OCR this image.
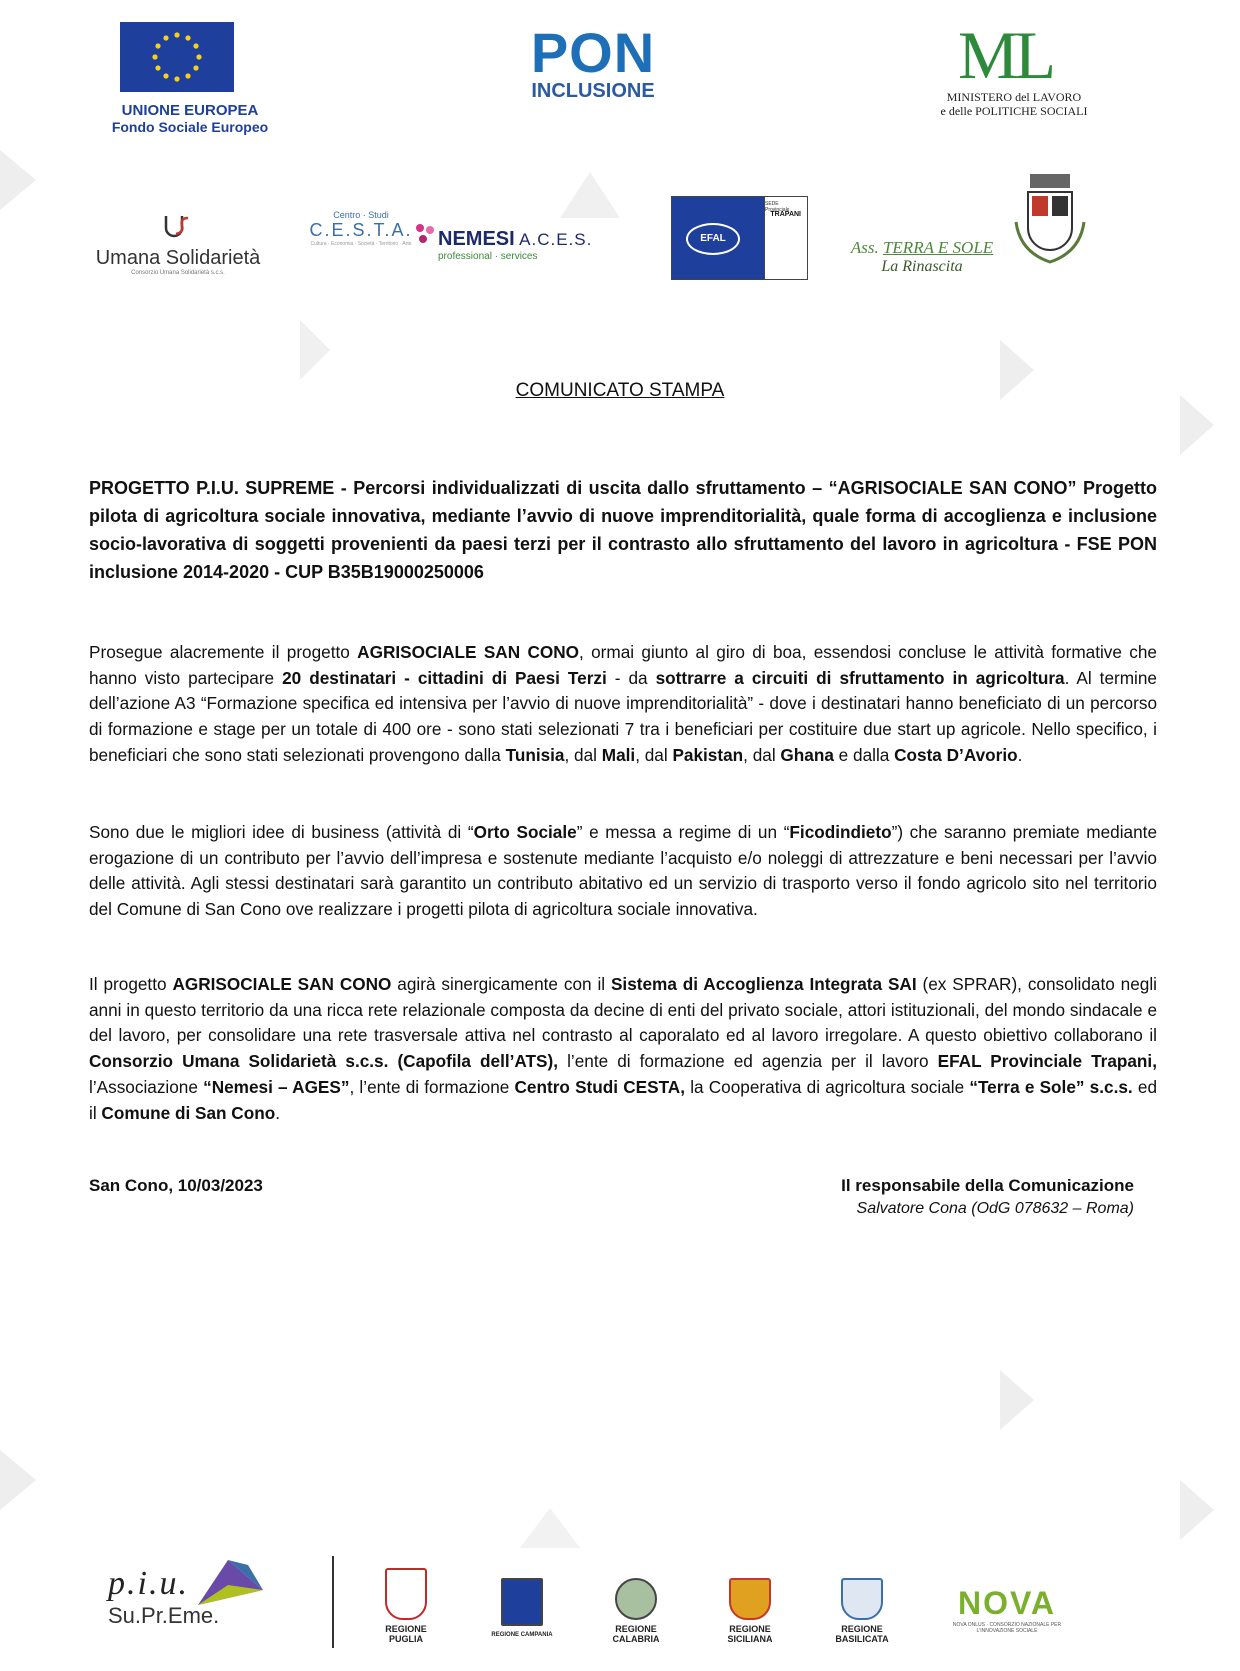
UNIONE EUROPEA
Fondo Sociale Europeo
PON
INCLUSIONE	ML
MINISTERO del LAVORO
e delle POLITICHE SOCIALI
Umana Solidarietà
Consorzio Umana Solidarietà s.c.s.
Centro · Studi
C.E.S.T.A.
Cultura · Economia · Società · Territorio · Arte NEMESI A.C.E.S.
professional · services
EFAL
SEDE Provinciale
TRAPANI
Ass. TERRA E SOLE
La Rinascita
COMUNICATO STAMPA
PROGETTO P.I.U. SUPREME - Percorsi individualizzati di uscita dallo sfruttamento – “AGRISOCIALE SAN CONO” Progetto pilota di agricoltura sociale innovativa, mediante l’avvio di nuove imprenditorialità, quale forma di accoglienza e inclusione socio-lavorativa di soggetti provenienti da paesi terzi per il contrasto allo sfruttamento del lavoro in agricoltura - FSE PON inclusione 2014-2020 - CUP B35B19000250006
Prosegue alacremente il progetto AGRISOCIALE SAN CONO, ormai giunto al giro di boa, essendosi concluse le attività formative che hanno visto partecipare 20 destinatari - cittadini di Paesi Terzi - da sottrarre a circuiti di sfruttamento in agricoltura. Al termine dell’azione A3 “Formazione specifica ed intensiva per l’avvio di nuove imprenditorialità” - dove i destinatari hanno beneficiato di un percorso di formazione e stage per un totale di 400 ore - sono stati selezionati 7 tra i beneficiari per costituire due start up agricole. Nello specifico, i beneficiari che sono stati selezionati provengono dalla Tunisia, dal Mali, dal Pakistan, dal Ghana e dalla Costa D’Avorio.
Sono due le migliori idee di business (attività di “Orto Sociale” e messa a regime di un “Ficodindieto”) che saranno premiate mediante erogazione di un contributo per l’avvio dell’impresa e sostenute mediante l’acquisto e/o noleggi di attrezzature e beni necessari per l’avvio delle attività. Agli stessi destinatari sarà garantito un contributo abitativo ed un servizio di trasporto verso il fondo agricolo sito nel territorio del Comune di San Cono ove realizzare i progetti pilota di agricoltura sociale innovativa.
Il progetto AGRISOCIALE SAN CONO agirà sinergicamente con il Sistema di Accoglienza Integrata SAI (ex SPRAR), consolidato negli anni in questo territorio da una ricca rete relazionale composta da decine di enti del privato sociale, attori istituzionali, del mondo sindacale e del lavoro, per consolidare una rete trasversale attiva nel contrasto al caporalato ed al lavoro irregolare. A questo obiettivo collaborano il Consorzio Umana Solidarietà s.c.s. (Capofila dell’ATS), l’ente di formazione ed agenzia per il lavoro EFAL Provinciale Trapani, l’Associazione “Nemesi – AGES”, l’ente di formazione Centro Studi CESTA, la Cooperativa di agricoltura sociale “Terra e Sole” s.c.s. ed il Comune di San Cono.
San Cono, 10/03/2023	Il responsabile della Comunicazione
Salvatore Cona (OdG 078632 – Roma)
p.i.u.
Su.Pr.Eme.
REGIONE
PUGLIA	REGIONE CAMPANIA
REGIONE
CALABRIA
REGIONE
SICILIANA
REGIONE
BASILICATA
NOVA
NOVA ONLUS · CONSORZIO NAZIONALE PER L'INNOVAZIONE SOCIALE
